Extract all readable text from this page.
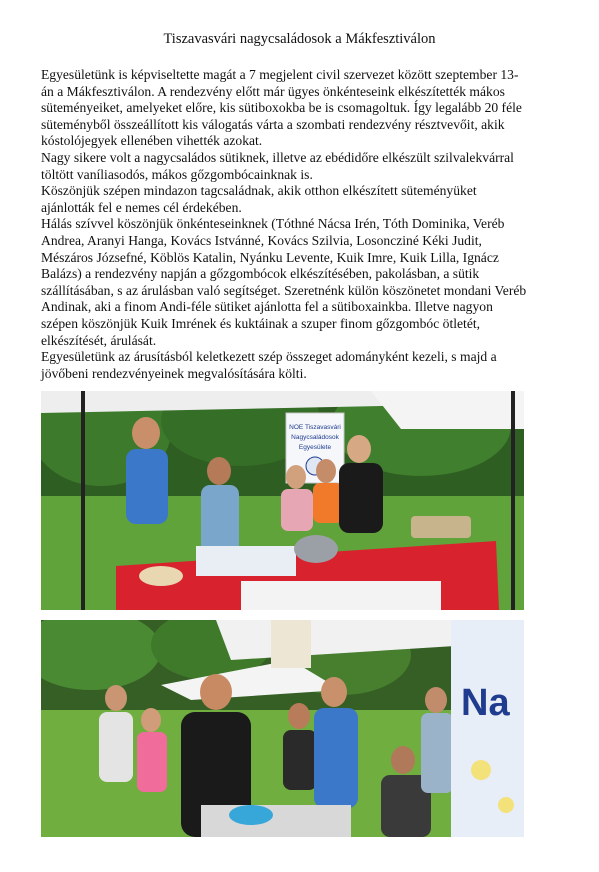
Tiszavasvári nagycsaládosok a Mákfesztiválon

Egyesületünk is képviseltette magát a 7 megjelent civil szervezet között szeptember 13-án a Mákfesztiválon. A rendezvény előtt már ügyes önkénteseink elkészítették mákos süteményeiket, amelyeket előre, kis sütiboxokba be is csomagoltuk. Így legalább 20 féle süteményből összeállított kis válogatás várta a szombati rendezvény résztvevőit, akik kóstolójegyek ellenében vihették azokat.

Nagy sikere volt a nagycsaládos sütiknek, illetve az ebédidőre elkészült szilvalekvárral töltött vaníliasodós, mákos gőzgombócainknak is.

Köszönjük szépen mindazon tagcsaládnak, akik otthon elkészített süteményüket ajánlották fel e nemes cél érdekében.

Hálás szívvel köszönjük önkénteseinknek (Tóthné Nácsa Irén, Tóth Dominika, Veréb Andrea, Aranyi Hanga, Kovács Istvánné, Kovács Szilvia, Losoncziné Kéki Judit, Mészáros Józsefné, Köblös Katalin, Nyánku Levente, Kuik Imre, Kuik Lilla, Ignácz Balázs) a rendezvény napján a gőzgombócok elkészítésében, pakolásban, a sütik szállításában, s az árulásban való segítséget. Szeretnénk külön köszönetet mondani Veréb Andinak, aki a finom Andi-féle sütiket ajánlotta fel a sütiboxainkba. Illetve nagyon szépen köszönjük Kuik Imrének és kuktáinak a szuper finom gőzgombóc ötletét, elkészítését, árulását.

Egyesületünk az árusításból keletkezett szép összeget adományként kezeli, s majd a jövőbeni rendezvényeinek megvalósítására költi.

NOE Tiszavasvári
Nagycsaládosok
Egyesülete
Na
